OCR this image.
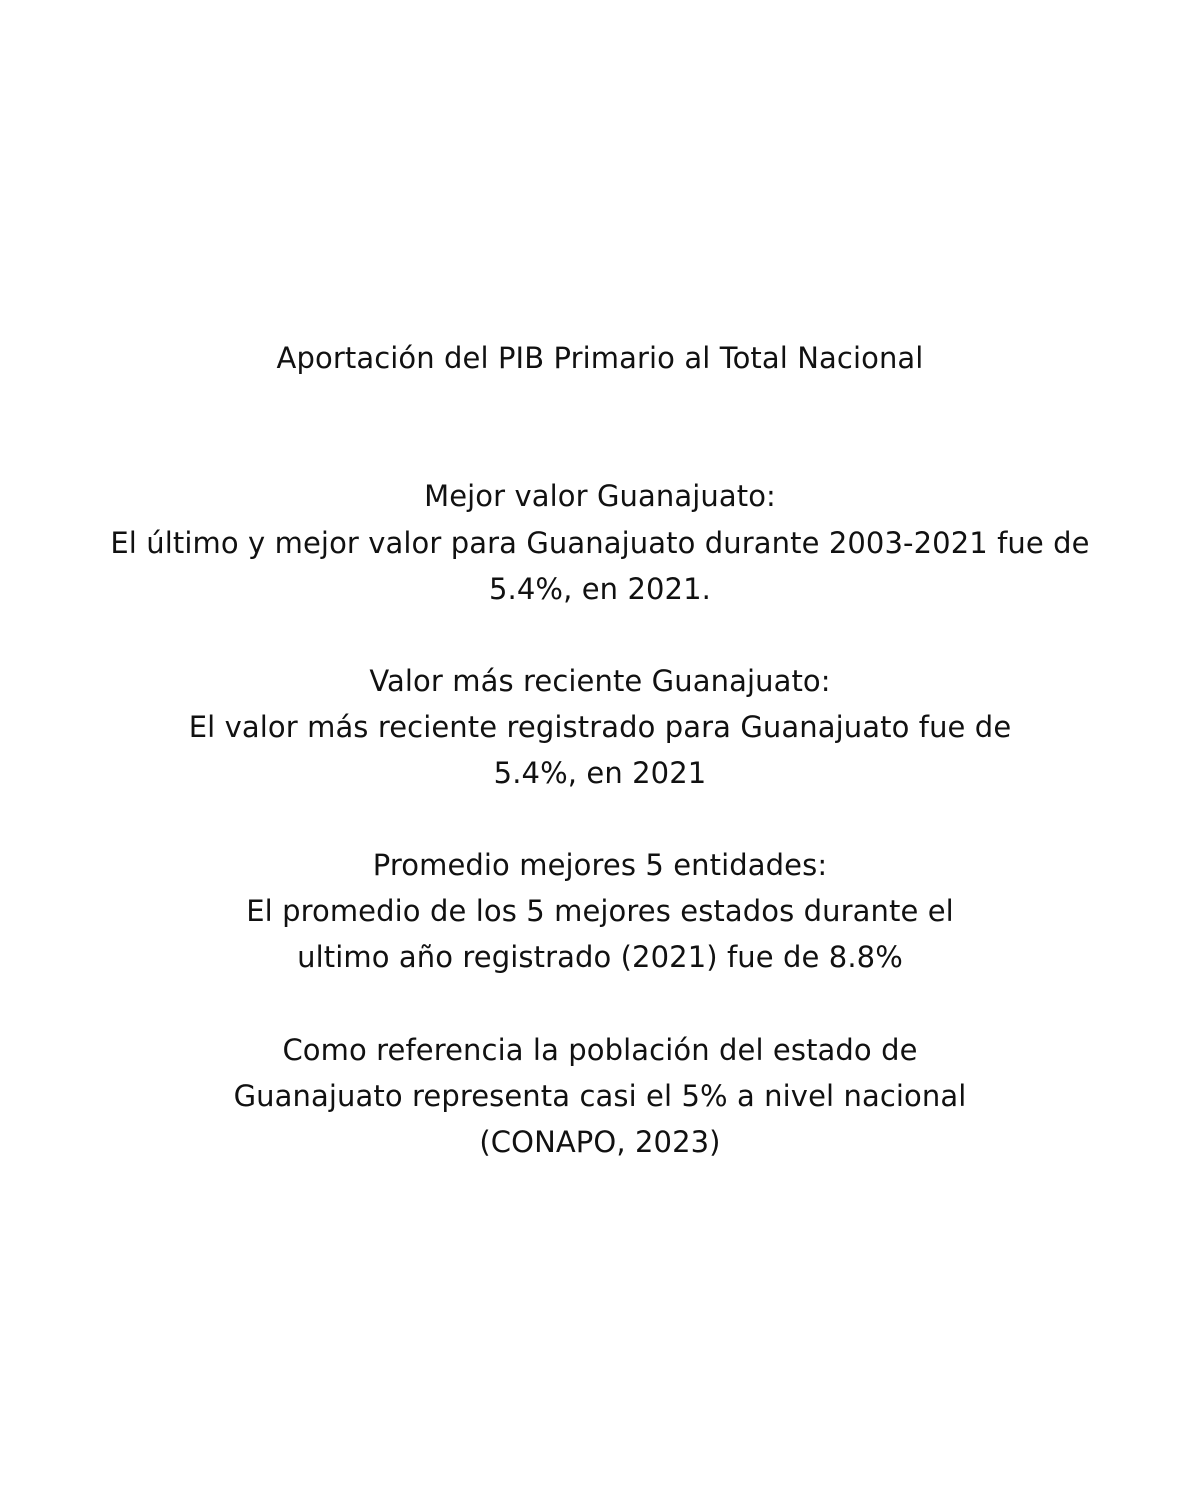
Aportación del PIB Primario al Total Nacional
Mejor valor Guanajuato:
El último y mejor valor para Guanajuato durante 2003-2021 fue de
5.4%, en 2021.
Valor más reciente Guanajuato:
El valor más reciente registrado para Guanajuato fue de
5.4%, en 2021
Promedio mejores 5 entidades:
El promedio de los 5 mejores estados durante el
ultimo año registrado (2021) fue de 8.8%
Como referencia la población del estado de
Guanajuato representa casi el 5% a nivel nacional
(CONAPO, 2023)
